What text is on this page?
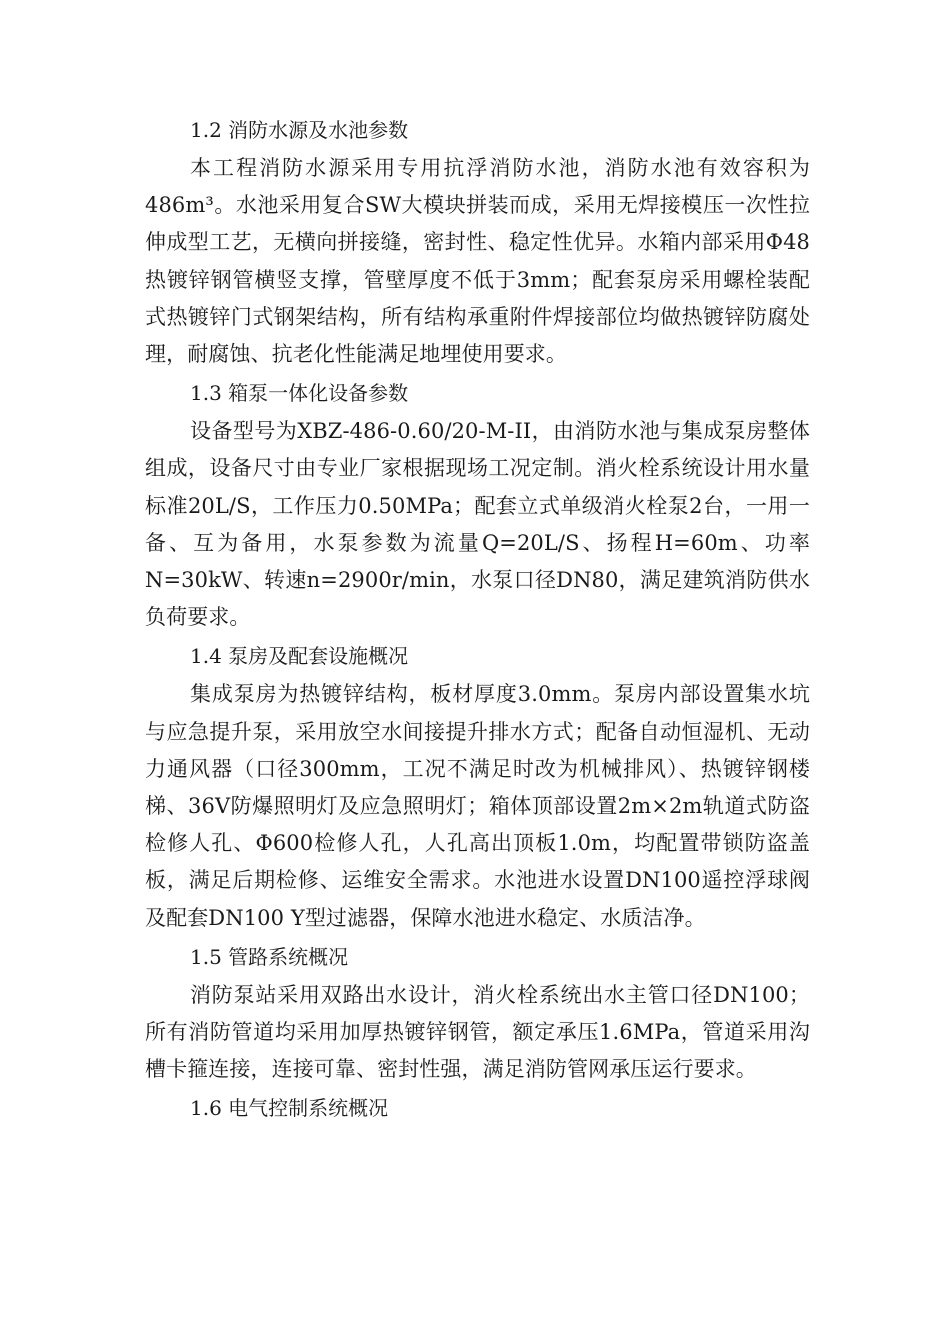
1.2 消防水源及水池参数

本工程消防水源采用专用抗浮消防水池，消防水池有效容积为486m³。水池采用复合SW大模块拼装而成，采用无焊接模压一次性拉伸成型工艺，无横向拼接缝，密封性、稳定性优异。水箱内部采用Φ48热镀锌钢管横竖支撑，管壁厚度不低于3mm；配套泵房采用螺栓装配式热镀锌门式钢架结构，所有结构承重附件焊接部位均做热镀锌防腐处理，耐腐蚀、抗老化性能满足地埋使用要求。

1.3 箱泵一体化设备参数

设备型号为XBZ-486-0.60/20-M-II，由消防水池与集成泵房整体组成，设备尺寸由专业厂家根据现场工况定制。消火栓系统设计用水量标准20L/S，工作压力0.50MPa；配套立式单级消火栓泵2台，一用一备、互为备用，水泵参数为流量Q=20L/S、扬程H=60m、功率N=30kW、转速n=2900r/min，水泵口径DN80，满足建筑消防供水负荷要求。

1.4 泵房及配套设施概况

集成泵房为热镀锌结构，板材厚度3.0mm。泵房内部设置集水坑与应急提升泵，采用放空水间接提升排水方式；配备自动恒湿机、无动力通风器（口径300mm，工况不满足时改为机械排风）、热镀锌钢楼梯、36V防爆照明灯及应急照明灯；箱体顶部设置2m×2m轨道式防盗检修人孔、Φ600检修人孔，人孔高出顶板1.0m，均配置带锁防盗盖板，满足后期检修、运维安全需求。水池进水设置DN100遥控浮球阀及配套DN100 Y型过滤器，保障水池进水稳定、水质洁净。

1.5 管路系统概况

消防泵站采用双路出水设计，消火栓系统出水主管口径DN100；所有消防管道均采用加厚热镀锌钢管，额定承压1.6MPa，管道采用沟槽卡箍连接，连接可靠、密封性强，满足消防管网承压运行要求。

1.6 电气控制系统概况
